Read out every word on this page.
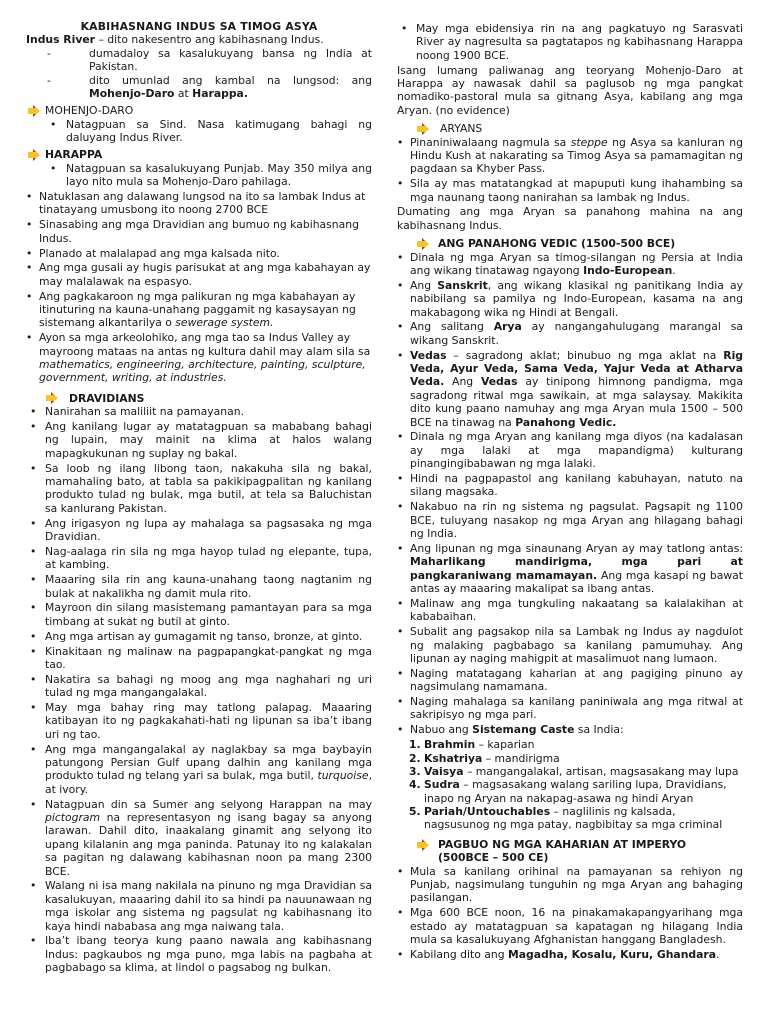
KABIHASNANG INDUS SA TIMOG ASYA
Indus River – dito nakesentro ang kabihasnang Indus.
-	dumadaloy sa kasalukuyang bansa ng India at Pakistan.
-	dito umunlad ang kambal na lungsod: ang Mohenjo-Daro at Harappa.
MOHENJO-DARO
• Natagpuan sa Sind. Nasa katimugang bahagi ng daluyang Indus River.
HARAPPA
• Natagpuan sa kasalukuyang Punjab. May 350 milya ang layo nito mula sa Mohenjo-Daro pahilaga.
• Natuklasan ang dalawang lungsod na ito sa lambak Indus at tinatayang umusbong ito noong 2700 BCE
• Sinasabing ang mga Dravidian ang bumuo ng kabihasnang Indus.
• Planado at malalapad ang mga kalsada nito.
• Ang mga gusali ay hugis parisukat at ang mga kabahayan ay may malalawak na espasyo.
• Ang pagkakaroon ng mga palikuran ng mga kabahayan ay itinuturing na kauna-unahang paggamit ng kasaysayan ng sistemang alkantarilya o sewerage system.
• Ayon sa mga arkeolohiko, ang mga tao sa Indus Valley ay mayroong mataas na antas ng kultura dahil may alam sila sa mathematics, engineering, architecture, painting, sculpture, government, writing, at industries.
DRAVIDIANS
• Nanirahan sa maliliit na pamayanan.
• Ang kanilang lugar ay matatagpuan sa mababang bahagi ng lupain, may mainit na klima at halos walang mapagkukunan ng suplay ng bakal.
• Sa loob ng ilang libong taon, nakakuha sila ng bakal, mamahaling bato, at tabla sa pakikipagpalitan ng kanilang produkto tulad ng bulak, mga butil, at tela sa Baluchistan sa kanlurang Pakistan.
• Ang irigasyon ng lupa ay mahalaga sa pagsasaka ng mga Dravidian.
• Nag-aalaga rin sila ng mga hayop tulad ng elepante, tupa, at kambing.
• Maaaring sila rin ang kauna-unahang taong nagtanim ng bulak at nakalikha ng damit mula rito.
• Mayroon din silang masistemang pamantayan para sa mga timbang at sukat ng butil at ginto.
• Ang mga artisan ay gumagamit ng tanso, bronze, at ginto.
• Kinakitaan ng malinaw na pagpapangkat-pangkat ng mga tao.
• Nakatira sa bahagi ng moog ang mga naghahari ng uri tulad ng mga mangangalakal.
• May mga bahay ring may tatlong palapag. Maaaring katibayan ito ng pagkakahati-hati ng lipunan sa iba’t ibang uri ng tao.
• Ang mga mangangalakal ay naglakbay sa mga baybayin patungong Persian Gulf upang dalhin ang kanilang mga produkto tulad ng telang yari sa bulak, mga butil, turquoise, at ivory.
• Natagpuan din sa Sumer ang selyong Harappan na may pictogram na representasyon ng isang bagay sa anyong larawan. Dahil dito, inaakalang ginamit ang selyong ito upang kilalanin ang mga paninda. Patunay ito ng kalakalan sa pagitan ng dalawang kabihasnan noon pa mang 2300 BCE.
• Walang ni isa mang nakilala na pinuno ng mga Dravidian sa kasalukuyan, maaaring dahil ito sa hindi pa nauunawaan ng mga iskolar ang sistema ng pagsulat ng kabihasnang ito kaya hindi nababasa ang mga naiwang tala.
• Iba’t ibang teorya kung paano nawala ang kabihasnang Indus: pagkaubos ng mga puno, mga labis na pagbaha at pagbabago sa klima, at lindol o pagsabog ng bulkan.
• May mga ebidensiya rin na ang pagkatuyo ng Sarasvati River ay nagresulta sa pagtatapos ng kabihasnang Harappa noong 1900 BCE.
Isang lumang paliwanag ang teoryang Mohenjo-Daro at Harappa ay nawasak dahil sa paglusob ng mga pangkat nomadiko-pastoral mula sa gitnang Asya, kabilang ang mga Aryan. (no evidence)
ARYANS
• Pinaniniwalaang nagmula sa steppe ng Asya sa kanluran ng Hindu Kush at nakarating sa Timog Asya sa pamamagitan ng pagdaan sa Khyber Pass.
• Sila ay mas matatangkad at mapuputi kung ihahambing sa mga naunang taong nanirahan sa lambak ng Indus.
Dumating ang mga Aryan sa panahong mahina na ang kabihasnang Indus.
ANG PANAHONG VEDIC (1500-500 BCE)
• Dinala ng mga Aryan sa timog-silangan ng Persia at India ang wikang tinatawag ngayong Indo-European.
• Ang Sanskrit, ang wikang klasikal ng panitikang India ay nabibilang sa pamilya ng Indo-European, kasama na ang makabagong wika ng Hindi at Bengali.
• Ang salitang Arya ay nangangahulugang marangal sa wikang Sanskrit.
• Vedas – sagradong aklat; binubuo ng mga aklat na Rig Veda, Ayur Veda, Sama Veda, Yajur Veda at Atharva Veda. Ang Vedas ay tinipong himnong pandigma, mga sagradong ritwal mga sawikain, at mga salaysay. Makikita dito kung paano namuhay ang mga Aryan mula 1500 – 500 BCE na tinawag na Panahong Vedic.
• Dinala ng mga Aryan ang kanilang mga diyos (na kadalasan ay mga lalaki at mga mapandigma) kulturang pinangingibabawan ng mga lalaki.
• Hindi na pagpapastol ang kanilang kabuhayan, natuto na silang magsaka.
• Nakabuo na rin ng sistema ng pagsulat. Pagsapit ng 1100 BCE, tuluyang nasakop ng mga Aryan ang hilagang bahagi ng India.
• Ang lipunan ng mga sinaunang Aryan ay may tatlong antas: Maharlikang mandirigma, mga pari at pangkaraniwang mamamayan. Ang mga kasapi ng bawat antas ay maaaring makalipat sa ibang antas.
• Malinaw ang mga tungkuling nakaatang sa kalalakihan at kababaihan.
• Subalit ang pagsakop nila sa Lambak ng Indus ay nagdulot ng malaking pagbabago sa kanilang pamumuhay. Ang lipunan ay naging mahigpit at masalimuot nang lumaon.
• Naging matatagang kaharian at ang pagiging pinuno ay nagsimulang namamana.
• Naging mahalaga sa kanilang paniniwala ang mga ritwal at sakripisyo ng mga pari.
• Nabuo ang Sistemang Caste sa India:
1. Brahmin – kaparian
2. Kshatriya – mandirigma
3. Vaisya – mangangalakal, artisan, magsasakang may lupa
4. Sudra – magsasakang walang sariling lupa, Dravidians, inapo ng Aryan na nakapag-asawa ng hindi Aryan
5. Pariah/Untouchables – naglilinis ng kalsada, nagsusunog ng mga patay, nagbibitay sa mga criminal
PAGBUO NG MGA KAHARIAN AT IMPERYO
(500BCE – 500 CE)
• Mula sa kanilang orihinal na pamayanan sa rehiyon ng Punjab, nagsimulang tunguhin ng mga Aryan ang bahaging pasilangan.
• Mga 600 BCE noon, 16 na pinakamakapangyarihang mga estado ay matatagpuan sa kapatagan ng hilagang India mula sa kasalukuyang Afghanistan hanggang Bangladesh.
• Kabilang dito ang Magadha, Kosalu, Kuru, Ghandara.
